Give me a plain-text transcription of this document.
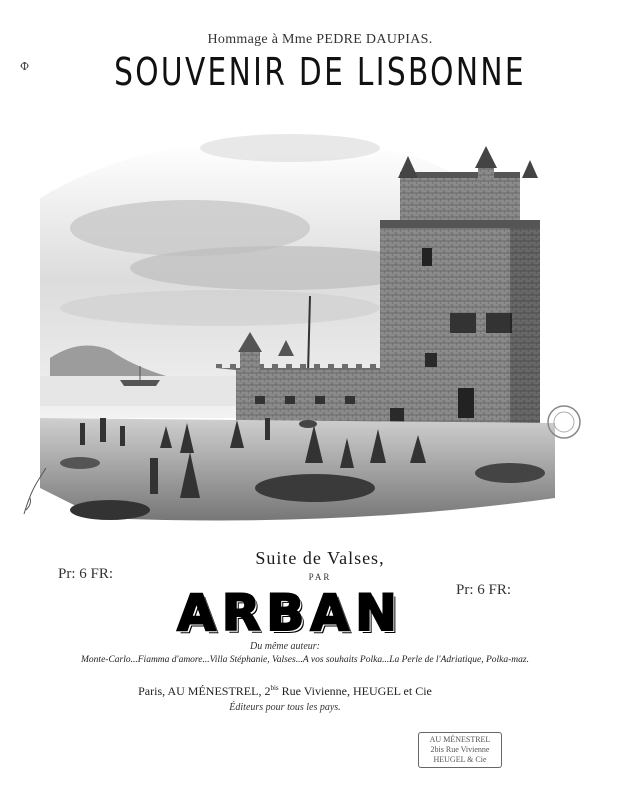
Hommage à Mme PEDRE DAUPIAS.
Ф	SOUVENIR DE LISBONNE
Suite de Valses,
PAR
Pr: 6 FR:
Pr: 6 FR:
ARBAN
Du même auteur:
Monte-Carlo...Fiamma d'amore...Villa Stéphanie, Valses...A vos souhaits Polka...La Perle de l'Adriatique, Polka-maz.
Paris, AU MÉNESTREL, $2^{bis}$ Rue Vivienne, HEUGEL et Cie
Éditeurs pour tous les pays.
AU MÉNESTREL
2bis Rue Vivienne
HEUGEL & Cie
